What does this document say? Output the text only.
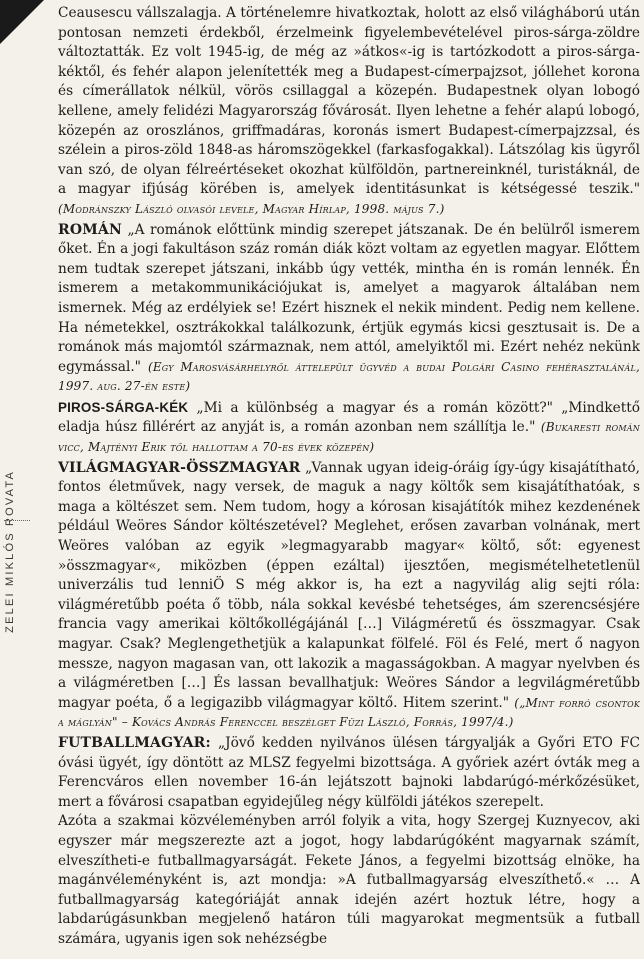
ZELEI MIKLÓS ROVATA

Ceausescu vállszalagja. A történelemre hivatkoztak, holott az első világháború után pontosan nemzeti érdekből, érzelmeink figyelembevételével piros-sárga-zöldre változtatták. Ez volt 1945-ig, de még az »átkos«-ig is tartózkodott a piros-sárga-kéktől, és fehér alapon jelenítették meg a Budapest-címerpajzsot, jóllehet korona és címerállatok nélkül, vörös csillaggal a közepén. Budapestnek olyan lobogó kellene, amely felidézi Magyarország fővárosát. Ilyen lehetne a fehér alapú lobogó, közepén az oroszlános, griffmadáras, koronás ismert Budapest-címerpajzzsal, és szélein a piros-zöld 1848-as háromszögekkel (farkasfogakkal). Látszólag kis ügyről van szó, de olyan félreértéseket okozhat külföldön, partnereinknél, turistáknál, de a magyar ifjúság körében is, amelyek identitásunkat is kétségessé teszik." (Modránszky László olvasói levele, Magyar Hírlap, 1998. május 7.)

ROMÁN „A románok előttünk mindig szerepet játszanak. De én belülről ismerem őket. Én a jogi fakultáson száz román diák közt voltam az egyetlen magyar. Előttem nem tudtak szerepet játszani, inkább úgy vették, mintha én is román lennék. Én ismerem a metakommunikációjukat is, amelyet a magyarok általában nem ismernek. Még az erdélyiek se! Ezért hisznek el nekik mindent. Pedig nem kellene. Ha németekkel, osztrákokkal találkozunk, értjük egymás kicsi gesztusait is. De a románok más majomtól származnak, nem attól, amelyiktől mi. Ezért nehéz nekünk egymással." (Egy Marosvásárhelyről áttelepült ügyvéd a budai Polgári Casino fehérasztalánál, 1997. aug. 27-én este)

PIROS-SÁRGA-KÉK „Mi a különbség a magyar és a román között?" „Mindkettő eladja húsz fillérért az anyját is, a román azonban nem szállítja le." (Bukaresti román vicc, Majtényi Erik től hallottam a 70-es évek közepén)

VILÁGMAGYAR-ÖSSZMAGYAR „Vannak ugyan ideig-óráig így-úgy kisajátítható, fontos életművek, nagy versek, de maguk a nagy költők sem kisajátíthatóak, s maga a költészet sem. Nem tudom, hogy a kórosan kisajátítók mihez kezdenének például Weöres Sándor költészetével? Meglehet, erősen zavarban volnának, mert Weöres valóban az egyik »legmagyarabb magyar« költő, sőt: egyenest »összmagyar«, miközben (éppen ezáltal) ijesztően, megismételhetetlenül univerzális tud lenniÖ S még akkor is, ha ezt a nagyvilág alig sejti róla: világméretűbb poéta ő több, nála sokkal kevésbé tehetséges, ám szerencsésjére francia vagy amerikai költőkollégájánál […] Világméretű és összmagyar. Csak magyar. Csak? Meglengethetjük a kalapunkat fölfelé. Föl és Felé, mert ő nagyon messze, nagyon magasan van, ott lakozik a magasságokban. A magyar nyelvben és a világméretben […] És lassan bevallhatjuk: Weöres Sándor a legvilágméretűbb magyar poéta, ő a legigazibb világmagyar költő. Hitem szerint." („Mint forró csontok a máglyán" – Kovács András Ferenccel beszélget Füzi László, Forrás, 1997/4.)

FUTBALLMAGYAR: „Jövő kedden nyilvános ülésen tárgyalják a Győri ETO FC óvási ügyét, így döntött az MLSZ fegyelmi bizottsága. A győriek azért óvták meg a Ferencváros ellen november 16-án lejátszott bajnoki labdarúgó-mérkőzésüket, mert a fővárosi csapatban egyidejűleg négy külföldi játékos szerepelt.

Azóta a szakmai közvéleményben arról folyik a vita, hogy Szergej Kuznyecov, aki egyszer már megszerezte azt a jogot, hogy labdarúgóként magyarnak számít, elveszítheti-e futballmagyarságát. Fekete János, a fegyelmi bizottság elnöke, ha magánvéleményként is, azt mondja: »A futballmagyarság elveszíthető.« … A futballmagyarság kategóriáját annak idején azért hoztuk létre, hogy a labdarúgásunkban megjelenő határon túli magyarokat megmentsük a futball számára, ugyanis igen sok nehézségbe
